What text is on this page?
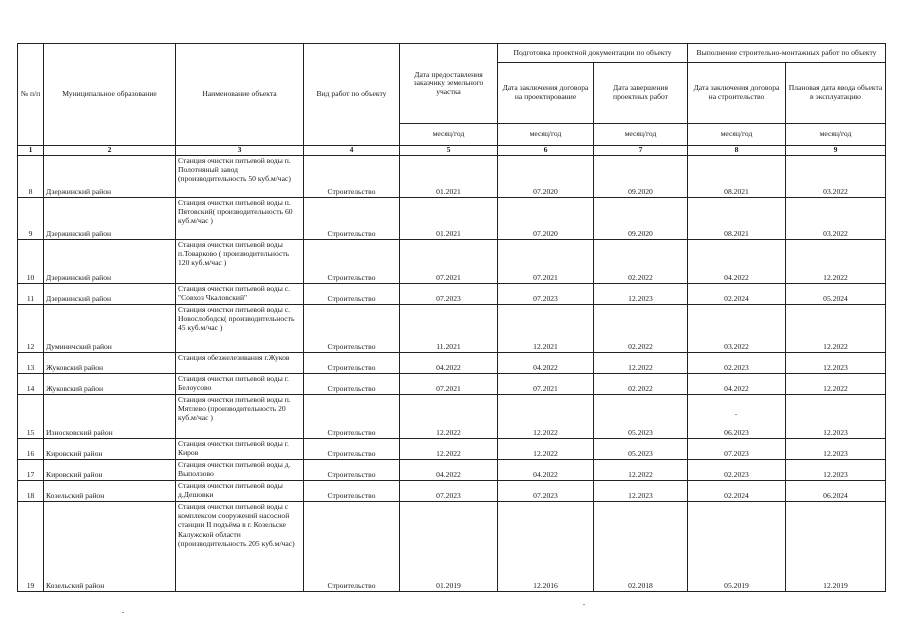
№ п/п	Муниципальное образование	Наименование объекта	Вид работ по объекту	Дата предоставления заказчику земельного участка	Подготовка проектной документации по объекту		Выполнение строительно-монтажных работ по объекту	
					Дата заключения договора на проектирование	Дата завершения проектных работ	Дата заключения договора на строительство	Плановая дата ввода объекта в эксплуатацию
				месяц/год	месяц/год	месяц/год	месяц/год	месяц/год
1	2	3	4	5	6	7	8	9
8	Дзержинский район	Станция очистки питьевой воды п. Полотняный завод (производительность 50 куб.м/час)	Строительство	01.2021	07.2020	09.2020	08.2021	03.2022
9	Дзержинский район	Станция очистки питьевой воды п. Пятовский( производительность 60 куб.м/час )	Строительство	01.2021	07.2020	09.2020	08.2021	03.2022
10	Дзержинский район	Станция очистки питьевой воды п.Товарково ( производительность 120 куб.м/час )	Строительство	07.2021	07.2021	02.2022	04.2022	12.2022
11	Дзержинский район	Станция очистки питьевой воды с. "Совхоз Чкаловский"	Строительство	07.2023	07.2023	12.2023	02.2024	05.2024
12	Думиничский район	Станция очистки питьевой воды с. Новослободск( производительность 45 куб.м/час )	Строительство	11.2021	12.2021	02.2022	03.2022	12.2022
13	Жуковский район	Станция обезжелезивания г.Жуков	Строительство	04.2022	04.2022	12.2022	02.2023	12.2023
14	Жуковский район	Станция очистки питьевой воды г. Белоусово	Строительство	07.2021	07.2021	02.2022	04.2022	12.2022
15	Износковский район	Станция очистки питьевой воды п. Мятлево (производительность 20 куб.м/час )	Строительство	12.2022	12.2022	05.2023	06.2023	12.2023
16	Кировский район	Станция очистки питьевой воды г. Киров	Строительство	12.2022	12.2022	05.2023	07.2023	12.2023
17	Кировский район	Станция очистки питьевой воды д. Выползово	Строительство	04.2022	04.2022	12.2022	02.2023	12.2023
18	Козельский район	Станция очистки питьевой воды д.Дешовки	Строительство	07.2023	07.2023	12.2023	02.2024	06.2024
19	Козельский район	Станция очистки питьевой воды с комплексом сооружений насосной станции II подъёма в г. Козельске Калужской области (производительность 205 куб.м/час)	Строительство	01.2019	12.2016	02.2018	05.2019	12.2019
